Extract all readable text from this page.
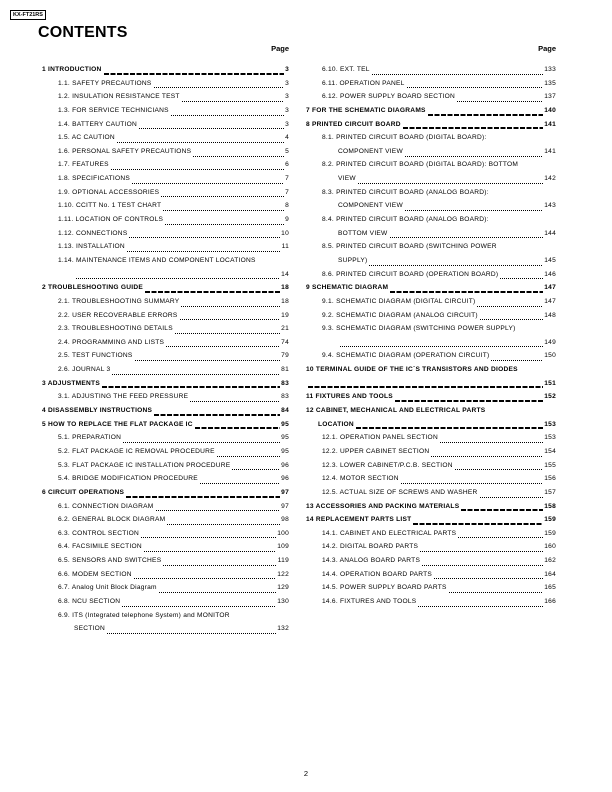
KX-FT21RS
CONTENTS
Page
1 INTRODUCTION	3
1.1. SAFETY PRECAUTIONS	3
1.2. INSULATION RESISTANCE TEST	3
1.3. FOR SERVICE TECHNICIANS	3
1.4. BATTERY CAUTION	3
1.5. AC CAUTION	4
1.6. PERSONAL SAFETY PRECAUTIONS	5
1.7. FEATURES	6
1.8. SPECIFICATIONS	7
1.9. OPTIONAL ACCESSORIES	7
1.10. CCITT No. 1 TEST CHART	8
1.11. LOCATION OF CONTROLS	9
1.12. CONNECTIONS	10
1.13. INSTALLATION	11
1.14. MAINTENANCE ITEMS AND COMPONENT LOCATIONS
14
2 TROUBLESHOOTING GUIDE	18
2.1. TROUBLESHOOTING SUMMARY	18
2.2. USER RECOVERABLE ERRORS	19
2.3. TROUBLESHOOTING DETAILS	21
2.4. PROGRAMMING AND LISTS	74
2.5. TEST FUNCTIONS	79
2.6. JOURNAL 3	81
3 ADJUSTMENTS	83
3.1. ADJUSTING THE FEED PRESSURE	83
4 DISASSEMBLY INSTRUCTIONS	84
5 HOW TO REPLACE THE FLAT PACKAGE IC	95
5.1. PREPARATION	95
5.2. FLAT PACKAGE IC REMOVAL PROCEDURE	95
5.3. FLAT PACKAGE IC INSTALLATION PROCEDURE	96
5.4. BRIDGE MODIFICATION PROCEDURE	96
6 CIRCUIT OPERATIONS	97
6.1. CONNECTION DIAGRAM	97
6.2. GENERAL BLOCK DIAGRAM	98
6.3. CONTROL SECTION	100
6.4. FACSIMILE SECTION	109
6.5. SENSORS AND SWITCHES	119
6.6. MODEM SECTION	122
6.7. Analog Unit Block Diagram	129
6.8. NCU SECTION	130
6.9. ITS (Integrated telephone System) and MONITOR
SECTION	132
Page
6.10. EXT. TEL	133
6.11. OPERATION PANEL	135
6.12. POWER SUPPLY BOARD SECTION	137
7 FOR THE SCHEMATIC DIAGRAMS	140
8 PRINTED CIRCUIT BOARD	141
8.1. PRINTED CIRCUIT BOARD (DIGITAL BOARD):
COMPONENT VIEW	141
8.2. PRINTED CIRCUIT BOARD (DIGITAL BOARD): BOTTOM
VIEW	142
8.3. PRINTED CIRCUIT BOARD (ANALOG BOARD):
COMPONENT VIEW	143
8.4. PRINTED CIRCUIT BOARD (ANALOG BOARD):
BOTTOM VIEW	144
8.5. PRINTED CIRCUIT BOARD (SWITCHING POWER
SUPPLY)	145
8.6. PRINTED CIRCUIT BOARD (OPERATION BOARD)	146
9 SCHEMATIC DIAGRAM	147
9.1. SCHEMATIC DIAGRAM (DIGITAL CIRCUIT)	147
9.2. SCHEMATIC DIAGRAM (ANALOG CIRCUIT)	148
9.3. SCHEMATIC DIAGRAM (SWITCHING POWER SUPPLY)
149
9.4. SCHEMATIC DIAGRAM (OPERATION CIRCUIT)	150
10 TERMINAL GUIDE OF THE IC´S TRANSISTORS AND DIODES
151
11 FIXTURES AND TOOLS	152
12 CABINET, MECHANICAL AND ELECTRICAL PARTS
LOCATION	153
12.1. OPERATION PANEL SECTION	153
12.2. UPPER CABINET SECTION	154
12.3. LOWER CABINET/P.C.B. SECTION	155
12.4. MOTOR SECTION	156
12.5. ACTUAL SIZE OF SCREWS AND WASHER	157
13 ACCESSORIES AND PACKING MATERIALS	158
14 REPLACEMENT PARTS LIST	159
14.1. CABINET AND ELECTRICAL PARTS	159
14.2. DIGITAL BOARD PARTS	160
14.3. ANALOG BOARD PARTS	162
14.4. OPERATION BOARD PARTS	164
14.5. POWER SUPPLY BOARD PARTS	165
14.6. FIXTURES AND TOOLS	166
2
